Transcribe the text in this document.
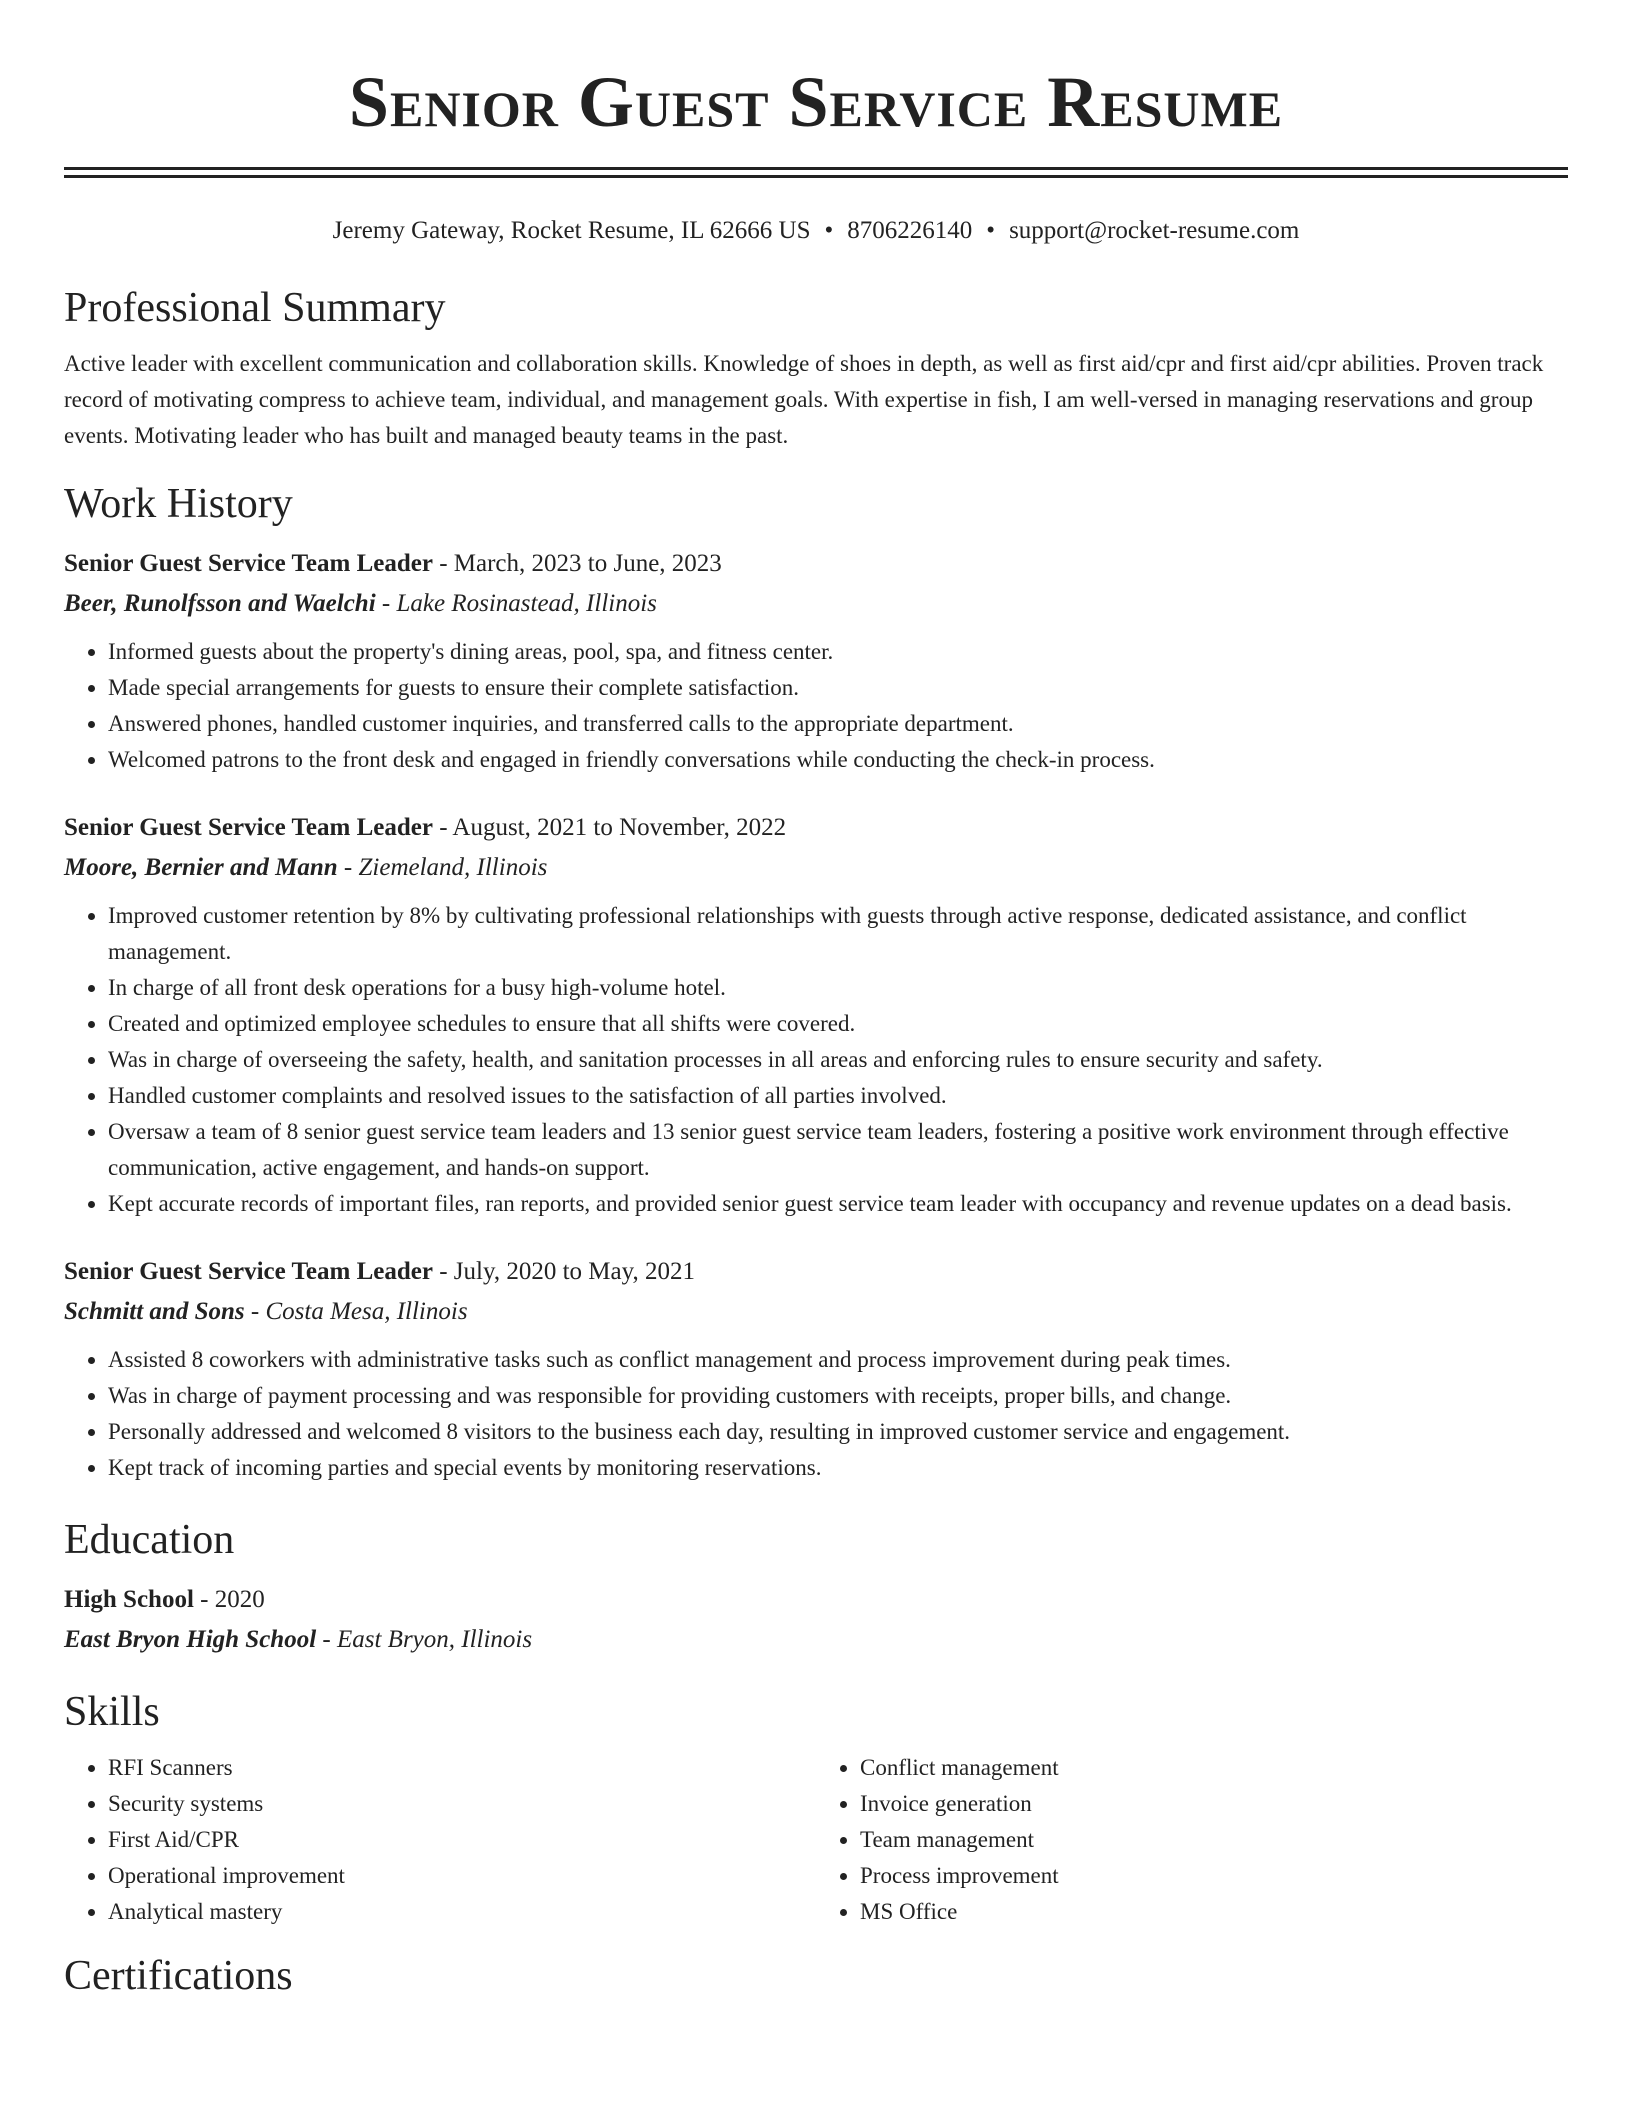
Senior Guest Service Resume
Jeremy Gateway, Rocket Resume, IL 62666 US • 8706226140 • support@rocket-resume.com
Professional Summary

Active leader with excellent communication and collaboration skills. Knowledge of shoes in depth, as well as first aid/cpr and first aid/cpr abilities. Proven track record of motivating compress to achieve team, individual, and management goals. With expertise in fish, I am well-versed in managing reservations and group events. Motivating leader who has built and managed beauty teams in the past.

Work History
Senior Guest Service Team Leader - March, 2023 to June, 2023
Beer, Runolfsson and Waelchi - Lake Rosinastead, Illinois
• Informed guests about the property's dining areas, pool, spa, and fitness center.
• Made special arrangements for guests to ensure their complete satisfaction.
• Answered phones, handled customer inquiries, and transferred calls to the appropriate department.
• Welcomed patrons to the front desk and engaged in friendly conversations while conducting the check-in process.
Senior Guest Service Team Leader - August, 2021 to November, 2022
Moore, Bernier and Mann - Ziemeland, Illinois
• Improved customer retention by 8% by cultivating professional relationships with guests through active response, dedicated assistance, and conflict management.
• In charge of all front desk operations for a busy high-volume hotel.
• Created and optimized employee schedules to ensure that all shifts were covered.
• Was in charge of overseeing the safety, health, and sanitation processes in all areas and enforcing rules to ensure security and safety.
• Handled customer complaints and resolved issues to the satisfaction of all parties involved.
• Oversaw a team of 8 senior guest service team leaders and 13 senior guest service team leaders, fostering a positive work environment through effective communication, active engagement, and hands-on support.
• Kept accurate records of important files, ran reports, and provided senior guest service team leader with occupancy and revenue updates on a dead basis.
Senior Guest Service Team Leader - July, 2020 to May, 2021
Schmitt and Sons - Costa Mesa, Illinois
• Assisted 8 coworkers with administrative tasks such as conflict management and process improvement during peak times.
• Was in charge of payment processing and was responsible for providing customers with receipts, proper bills, and change.
• Personally addressed and welcomed 8 visitors to the business each day, resulting in improved customer service and engagement.
• Kept track of incoming parties and special events by monitoring reservations.
Education
High School - 2020
East Bryon High School - East Bryon, Illinois
Skills
• RFI Scanners
• Security systems
• First Aid/CPR
• Operational improvement
• Analytical mastery
• Conflict management
• Invoice generation
• Team management
• Process improvement
• MS Office
Certifications
